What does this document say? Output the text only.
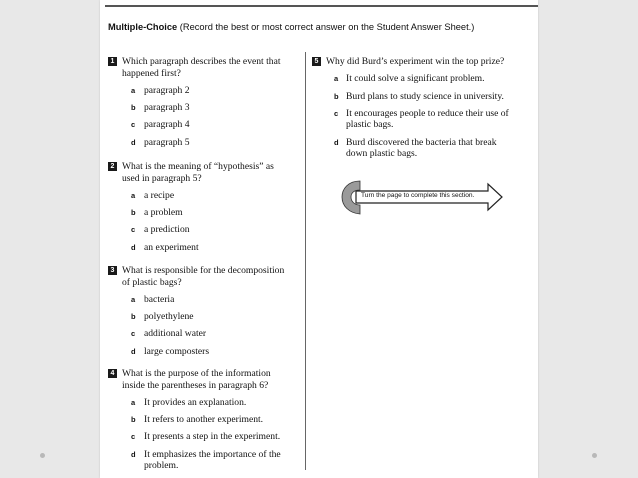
Multiple-Choice (Record the best or most correct answer on the Student Answer Sheet.)
1 Which paragraph describes the event that happened first?
a paragraph 2
b paragraph 3
c paragraph 4
d paragraph 5
2 What is the meaning of “hypothesis” as used in paragraph 5?
a a recipe
b a problem
c a prediction
d an experiment
3 What is responsible for the decomposition of plastic bags?
a bacteria
b polyethylene
c additional water
d large composters
4 What is the purpose of the information inside the parentheses in paragraph 6?
a It provides an explanation.
b It refers to another experiment.
c It presents a step in the experiment.
d It emphasizes the importance of the problem.
5 Why did Burd’s experiment win the top prize?
a It could solve a significant problem.
b Burd plans to study science in university.
c It encourages people to reduce their use of plastic bags.
d Burd discovered the bacteria that break down plastic bags.
Turn the page to complete this section.
